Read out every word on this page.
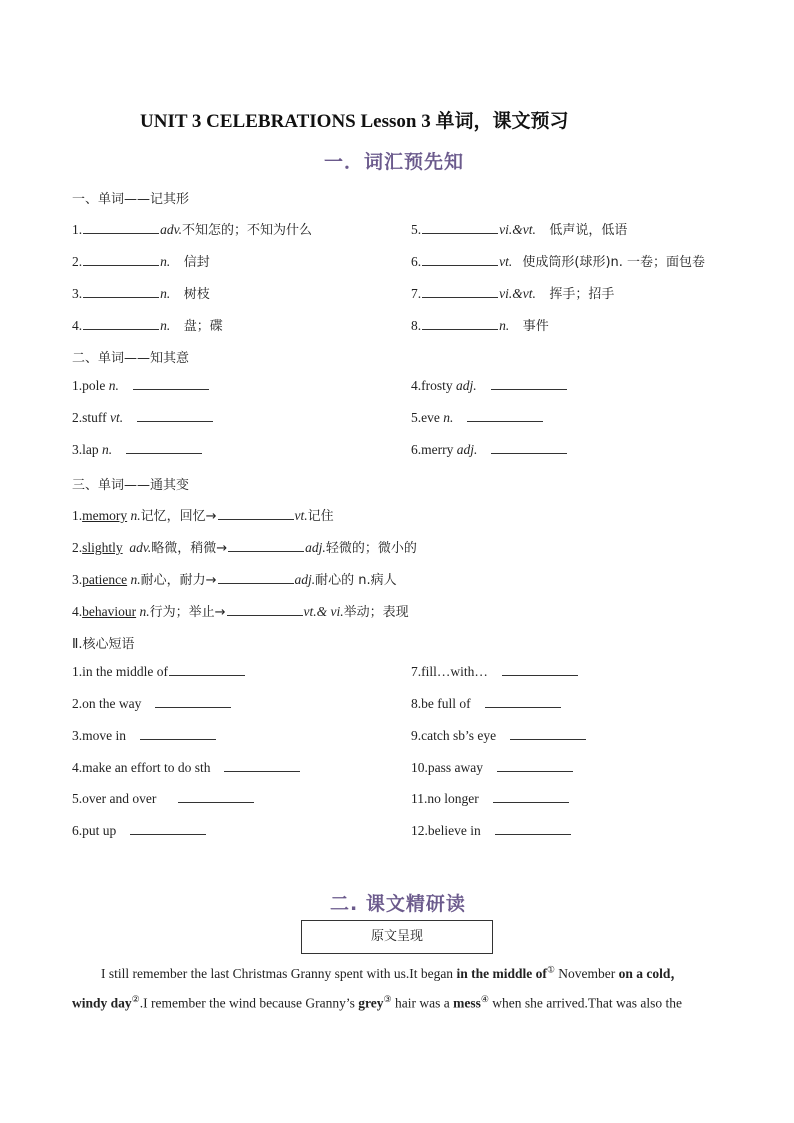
UNIT 3 CELEBRATIONS Lesson 3 单词，课文预习
一．词汇预先知
一、单词——记其形
1.	adv.不知怎的；不知为什么
2.	n. 信封
3.	n. 树枝
4.	n. 盘；碟
5.	vi.&vt. 低声说，低语
6.	vt. 使成筒形(球形)n. 一卷；面包卷
7.	vi.&vt. 挥手；招手
8.	n. 事件
二、单词——知其意
1.pole n.
2.stuff vt.
3.lap n.
4.frosty adj.
5.eve n.
6.merry adj.
三、单词——通其变
1.memory n.记忆，回忆→	vt.记住
2.slightly adv.略微，稍微→	adj.轻微的；微小的
3.patience n.耐心，耐力→	adj.耐心的 n.病人
4.behaviour n.行为；举止→	vt.& vi.举动；表现
Ⅱ.核心短语
1.in the middle of
2.on the way
3.move in
4.make an effort to do sth
5.over and over
6.put up
7.fill…with…
8.be full of
9.catch sb’s eye
10.pass away
11.no longer
12.believe in
二. 课文精研读
原文呈现
I still remember the last Christmas Granny spent with us.It began in the middle of① November on a cold，
windy day②.I remember the wind because Granny’s grey③ hair was a mess④ when she arrived.That was also the
